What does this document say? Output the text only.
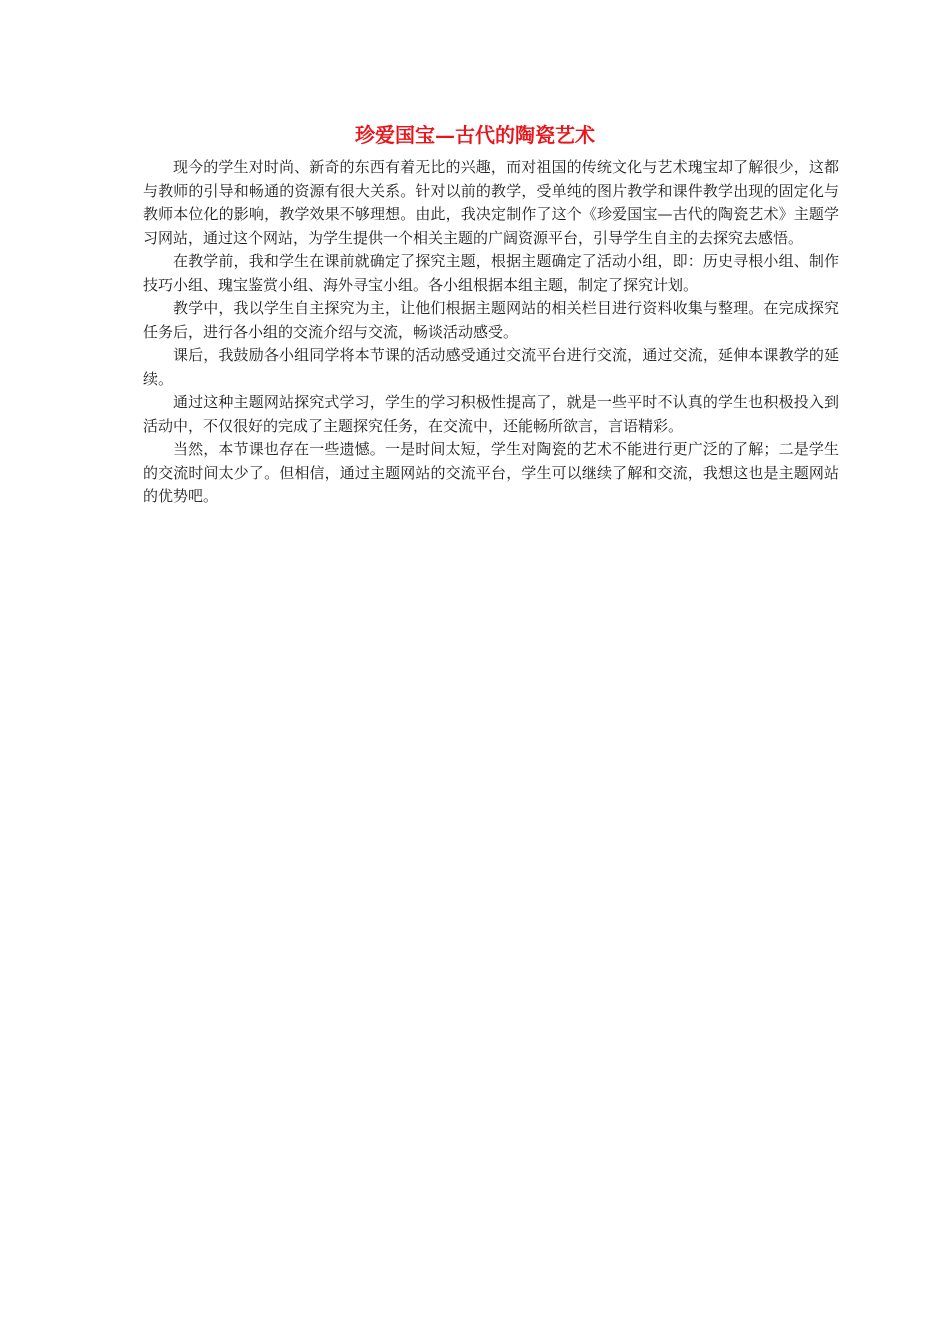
珍爱国宝—古代的陶瓷艺术

现今的学生对时尚、新奇的东西有着无比的兴趣，而对祖国的传统文化与艺术瑰宝却了解很少，这都与教师的引导和畅通的资源有很大关系。针对以前的教学，受单纯的图片教学和课件教学出现的固定化与教师本位化的影响，教学效果不够理想。由此，我决定制作了这个《珍爱国宝—古代的陶瓷艺术》主题学习网站，通过这个网站，为学生提供一个相关主题的广阔资源平台，引导学生自主的去探究去感悟。

在教学前，我和学生在课前就确定了探究主题，根据主题确定了活动小组，即：历史寻根小组、制作技巧小组、瑰宝鉴赏小组、海外寻宝小组。各小组根据本组主题，制定了探究计划。

教学中，我以学生自主探究为主，让他们根据主题网站的相关栏目进行资料收集与整理。在完成探究任务后，进行各小组的交流介绍与交流，畅谈活动感受。

课后，我鼓励各小组同学将本节课的活动感受通过交流平台进行交流，通过交流，延伸本课教学的延续。

通过这种主题网站探究式学习，学生的学习积极性提高了，就是一些平时不认真的学生也积极投入到活动中，不仅很好的完成了主题探究任务，在交流中，还能畅所欲言，言语精彩。

当然，本节课也存在一些遗憾。一是时间太短，学生对陶瓷的艺术不能进行更广泛的了解；二是学生的交流时间太少了。但相信，通过主题网站的交流平台，学生可以继续了解和交流，我想这也是主题网站的优势吧。
